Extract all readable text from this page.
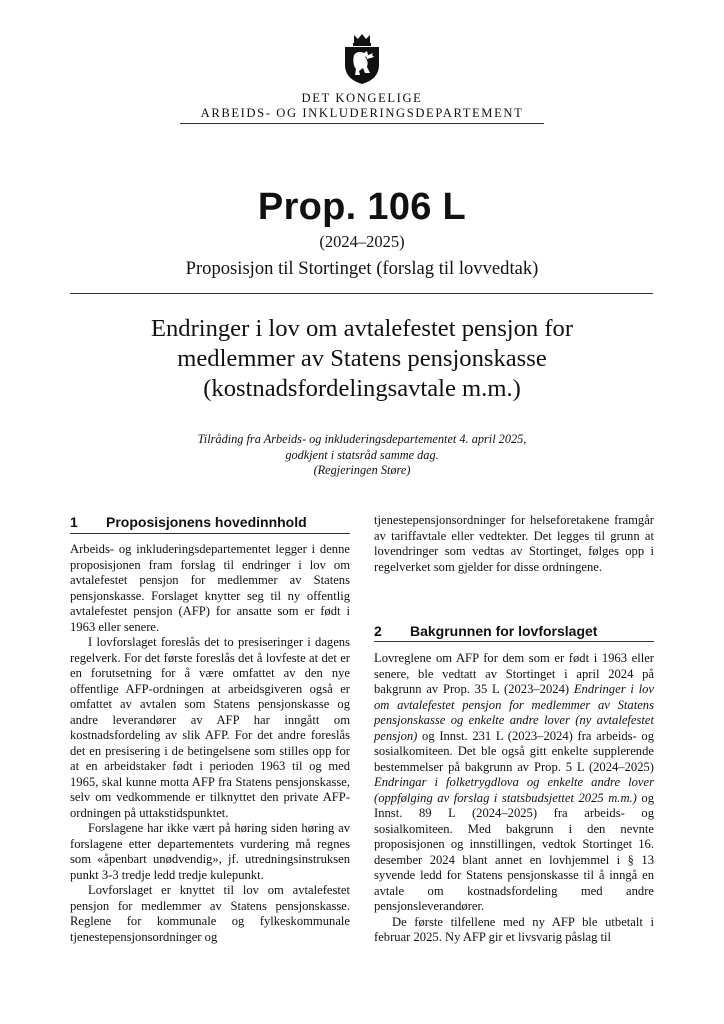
DET KONGELIGE
ARBEIDS- OG INKLUDERINGSDEPARTEMENT
Prop. 106 L
(2024–2025)
Proposisjon til Stortinget (forslag til lovvedtak)
Endringer i lov om avtalefestet pensjon for
medlemmer av Statens pensjonskasse
(kostnadsfordelingsavtale m.m.)
Tilråding fra Arbeids- og inkluderingsdepartementet 4. april 2025,
godkjent i statsråd samme dag.
(Regjeringen Støre)
1 Proposisjonens hovedinnhold

Arbeids- og inkluderingsdepartementet legger i denne proposisjonen fram forslag til endringer i lov om avtalefestet pensjon for medlemmer av Statens pensjonskasse. Forslaget knytter seg til ny offentlig avtalefestet pensjon (AFP) for ansatte som er født i 1963 eller senere.

I lovforslaget foreslås det to presiseringer i dagens regelverk. For det første foreslås det å lovfeste at det er en forutsetning for å være omfattet av den nye offentlige AFP-ordningen at arbeidsgiveren også er omfattet av avtalen som Statens pensjonskasse og andre leverandører av AFP har inngått om kostnadsfordeling av slik AFP. For det andre foreslås det en presisering i de betingelsene som stilles opp for at en arbeidstaker født i perioden 1963 til og med 1965, skal kunne motta AFP fra Statens pensjonskasse, selv om vedkommende er tilknyttet den private AFP-ordningen på uttakstidspunktet.

Forslagene har ikke vært på høring siden høring av forslagene etter departementets vurdering må regnes som «åpenbart unødvendig», jf. utredningsinstruksen punkt 3-3 tredje ledd tredje kulepunkt.

Lovforslaget er knyttet til lov om avtalefestet pensjon for medlemmer av Statens pensjonskasse. Reglene for kommunale og fylkeskommunale tjenestepensjonsordninger og

2 Bakgrunnen for lovforslaget

Lovreglene om AFP for dem som er født i 1963 eller senere, ble vedtatt av Stortinget i april 2024 på bakgrunn av Prop. 35 L (2023–2024) Endringer i lov om avtalefestet pensjon for medlemmer av Statens pensjonskasse og enkelte andre lover (ny avtalefestet pensjon) og Innst. 231 L (2023–2024) fra arbeids- og sosialkomiteen. Det ble også gitt enkelte supplerende bestemmelser på bakgrunn av Prop. 5 L (2024–2025) Endringar i folketrygdlova og enkelte andre lover (oppfølging av forslag i statsbudsjettet 2025 m.m.) og Innst. 89 L (2024–2025) fra arbeids- og sosialkomiteen. Med bakgrunn i den nevnte proposisjonen og innstillingen, vedtok Stortinget 16. desember 2024 blant annet en lovhjemmel i § 13 syvende ledd for Statens pensjonskasse til å inngå en avtale om kostnadsfordeling med andre pensjonsleverandører.

De første tilfellene med ny AFP ble utbetalt i februar 2025. Ny AFP gir et livsvarig påslag til

tjenestepensjonsordninger for helseforetakene framgår av tariffavtale eller vedtekter. Det legges til grunn at lovendringer som vedtas av Stortinget, følges opp i regelverket som gjelder for disse ordningene.
